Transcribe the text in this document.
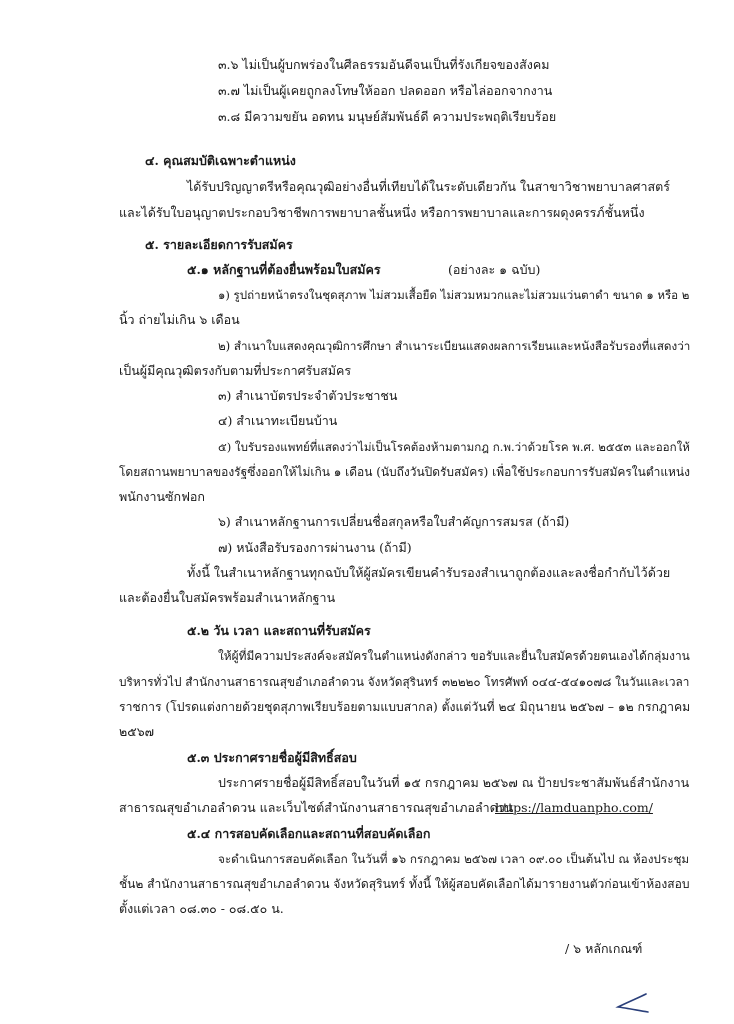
๓.๖ ไม่เป็นผู้บกพร่องในศีลธรรมอันดีจนเป็นที่รังเกียจของสังคม
๓.๗ ไม่เป็นผู้เคยถูกลงโทษให้ออก ปลดออก หรือไล่ออกจากงาน
๓.๘ มีความขยัน อดทน มนุษย์สัมพันธ์ดี ความประพฤติเรียบร้อย
๔. คุณสมบัติเฉพาะตำแหน่ง
ได้รับปริญญาตรีหรือคุณวุฒิอย่างอื่นที่เทียบได้ในระดับเดียวกัน ในสาขาวิชาพยาบาลศาสตร์
และได้รับใบอนุญาตประกอบวิชาชีพการพยาบาลชั้นหนึ่ง หรือการพยาบาลและการผดุงครรภ์ชั้นหนึ่ง
๕. รายละเอียดการรับสมัคร
๕.๑ หลักฐานที่ต้องยื่นพร้อมใบสมัคร	(อย่างละ ๑ ฉบับ)
๑) รูปถ่ายหน้าตรงในชุดสุภาพ ไม่สวมเสื้อยืด ไม่สวมหมวกและไม่สวมแว่นตาดำ ขนาด ๑ หรือ ๒
นิ้ว ถ่ายไม่เกิน ๖ เดือน
๒) สำเนาใบแสดงคุณวุฒิการศึกษา สำเนาระเบียนแสดงผลการเรียนและหนังสือรับรองที่แสดงว่า
เป็นผู้มีคุณวุฒิตรงกับตามที่ประกาศรับสมัคร
๓) สำเนาบัตรประจำตัวประชาชน
๔) สำเนาทะเบียนบ้าน
๕) ใบรับรองแพทย์ที่แสดงว่าไม่เป็นโรคต้องห้ามตามกฎ ก.พ.ว่าด้วยโรค พ.ศ. ๒๕๕๓ และออกให้
โดยสถานพยาบาลของรัฐซึ่งออกให้ไม่เกิน ๑ เดือน (นับถึงวันปิดรับสมัคร) เพื่อใช้ประกอบการรับสมัครในตำแหน่ง
พนักงานซักฟอก
๖) สำเนาหลักฐานการเปลี่ยนชื่อสกุลหรือใบสำคัญการสมรส (ถ้ามี)
๗) หนังสือรับรองการผ่านงาน (ถ้ามี)
ทั้งนี้ ในสำเนาหลักฐานทุกฉบับให้ผู้สมัครเขียนคำรับรองสำเนาถูกต้องและลงชื่อกำกับไว้ด้วย
และต้องยื่นใบสมัครพร้อมสำเนาหลักฐาน
๕.๒ วัน เวลา และสถานที่รับสมัคร
ให้ผู้ที่มีความประสงค์จะสมัครในตำแหน่งดังกล่าว ขอรับและยื่นใบสมัครด้วยตนเองได้กลุ่มงาน
บริหารทั่วไป สำนักงานสาธารณสุขอำเภอลำดวน จังหวัดสุรินทร์ ๓๒๒๒๐ โทรศัพท์ ๐๔๔-๕๔๑๐๗๘ ในวันและเวลา
ราชการ (โปรดแต่งกายด้วยชุดสุภาพเรียบร้อยตามแบบสากล) ตั้งแต่วันที่ ๒๔ มิถุนายน ๒๕๖๗ – ๑๒ กรกฎาคม
๒๕๖๗
๕.๓ ประกาศรายชื่อผู้มีสิทธิ์สอบ
ประกาศรายชื่อผู้มีสิทธิ์สอบในวันที่ ๑๕ กรกฎาคม ๒๕๖๗ ณ ป้ายประชาสัมพันธ์สำนักงาน
สาธารณสุขอำเภอลำดวน และเว็บไซต์สำนักงานสาธารณสุขอำเภอลำดวน
https://lamduanpho.com/
๕.๔ การสอบคัดเลือกและสถานที่สอบคัดเลือก
จะดำเนินการสอบคัดเลือก ในวันที่ ๑๖ กรกฎาคม ๒๕๖๗ เวลา ๐๙.๐๐ เป็นต้นไป ณ ห้องประชุม
ชั้น๒ สำนักงานสาธารณสุขอำเภอลำดวน จังหวัดสุรินทร์ ทั้งนี้ ให้ผู้สอบคัดเลือกได้มารายงานตัวก่อนเข้าห้องสอบ
ตั้งแต่เวลา ๐๘.๓๐ - ๐๘.๕๐ น.
/ ๖ หลักเกณฑ์
